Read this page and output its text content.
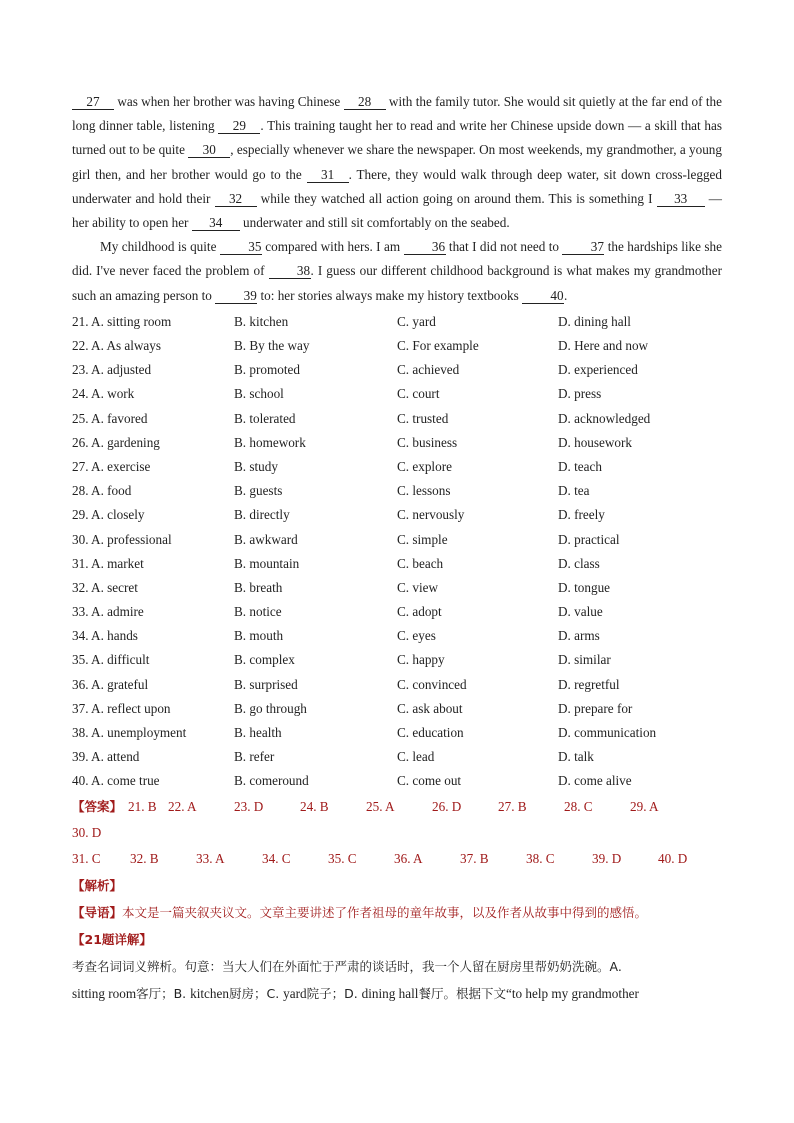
27 was when her brother was having Chinese 28 with the family tutor. She would sit quietly at the far end of the long dinner table, listening 29 . This training taught her to read and write her Chinese upside down — a skill that has turned out to be quite 30 , especially whenever we share the newspaper. On most weekends, my grandmother, a young girl then, and her brother would go to the 31 . There, they would walk through deep water, sit down cross-legged underwater and hold their 32 while they watched all action going on around them. This is something I 33 — her ability to open her 34 underwater and still sit comfortably on the seabed.

My childhood is quite 35 compared with hers. I am 36 that I did not need to 37 the hardships like she did. I've never faced the problem of 38. I guess our different childhood background is what makes my grandmother such an amazing person to 39 to: her stories always make my history textbooks 40.

21. A. sitting room	B. kitchen	C. yard	D. dining hall
22. A. As always	B. By the way	C. For example	D. Here and now
23. A. adjusted	B. promoted	C. achieved	D. experienced
24. A. work	B. school	C. court	D. press
25. A. favored	B. tolerated	C. trusted	D. acknowledged
26. A. gardening	B. homework	C. business	D. housework
27. A. exercise	B. study	C. explore	D. teach
28. A. food	B. guests	C. lessons	D. tea
29. A. closely	B. directly	C. nervously	D. freely
30. A. professional	B. awkward	C. simple	D. practical
31. A. market	B. mountain	C. beach	D. class
32. A. secret	B. breath	C. view	D. tongue
33. A. admire	B. notice	C. adopt	D. value
34. A. hands	B. mouth	C. eyes	D. arms
35. A. difficult	B. complex	C. happy	D. similar
36. A. grateful	B. surprised	C. convinced	D. regretful
37. A. reflect upon	B. go through	C. ask about	D. prepare for
38. A. unemployment	B. health	C. education	D. communication
39. A. attend	B. refer	C. lead	D. talk
40. A. come true	B. comeround	C. come out	D. come alive
【答案】 21. B 22. A	23. D	24. B	25. A	26. D	27. B	28. C	29. A
30. D
31. C	32. B	33. A	34. C	35. C	36. A	37. B	38. C	39. D	40. D

【解析】

【导语】本文是一篇夹叙夹议文。文章主要讲述了作者祖母的童年故事，以及作者从故事中得到的感悟。

【21题详解】

考查名词词义辨析。句意：当大人们在外面忙于严肃的谈话时，我一个人留在厨房里帮奶奶洗碗。A.

sitting room客厅；B. kitchen厨房；C. yard院子；D. dining hall餐厅。根据下文“to help my grandmother
